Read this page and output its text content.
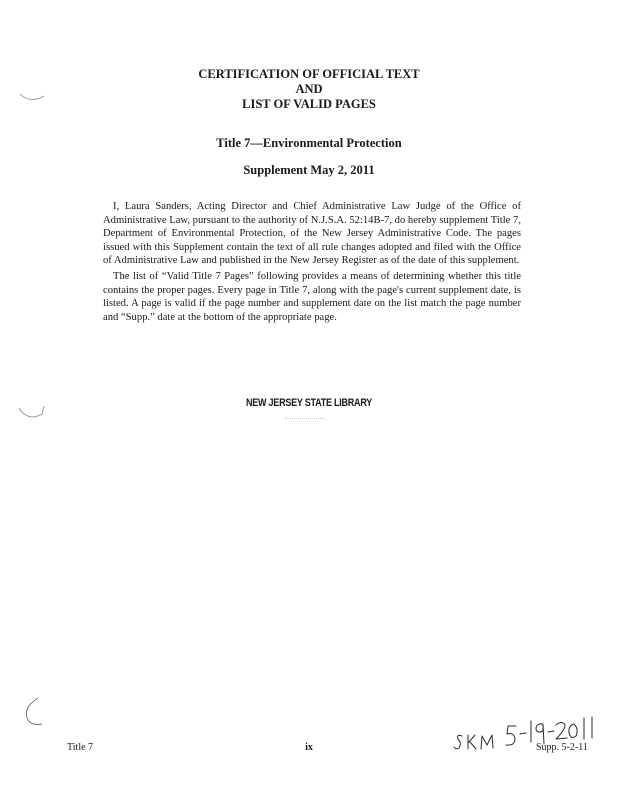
CERTIFICATION OF OFFICIAL TEXT

AND

LIST OF VALID PAGES

Title 7—Environmental Protection

Supplement May 2, 2011

I, Laura Sanders, Acting Director and Chief Administrative Law Judge of the Office of Administrative Law, pursuant to the authority of N.J.S.A. 52:14B-7, do hereby supplement Title 7, Department of Environmental Protection, of the New Jersey Administrative Code. The pages issued with this Supplement contain the text of all rule changes adopted and filed with the Office of Administrative Law and published in the New Jersey Register as of the date of this supplement.

The list of “Valid Title 7 Pages” following provides a means of determining whether this title contains the proper pages. Every page in Title 7, along with the page's current supplement date, is listed. A page is valid if the page number and supplement date on the list match the page number and “Supp.” date at the bottom of the appropriate page.

NEW JERSEY STATE LIBRARY

Title 7	ix	Supp. 5-2-11
